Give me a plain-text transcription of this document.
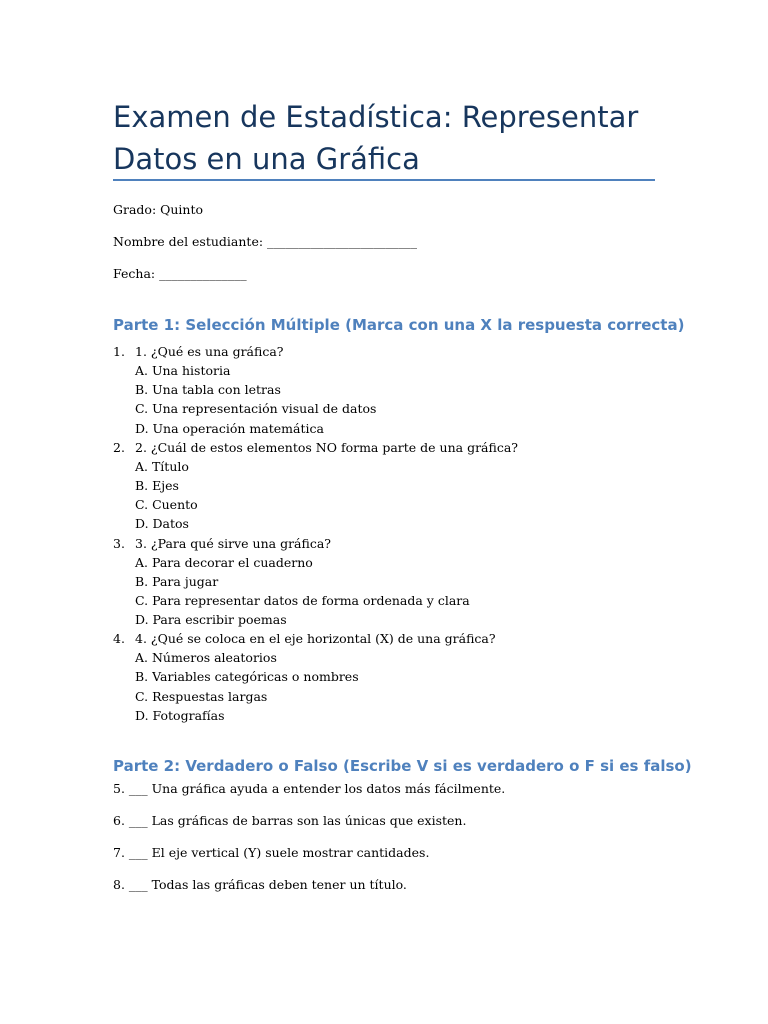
Examen de Estadística: Representar Datos en una Gráfica
Grado: Quinto
Nombre del estudiante: ________________________
Fecha: ______________
Parte 1: Selección Múltiple (Marca con una X la respuesta correcta)
1. 1. ¿Qué es una gráfica?
A. Una historia
B. Una tabla con letras
C. Una representación visual de datos
D. Una operación matemática
2. 2. ¿Cuál de estos elementos NO forma parte de una gráfica?
A. Título
B. Ejes
C. Cuento
D. Datos
3. 3. ¿Para qué sirve una gráfica?
A. Para decorar el cuaderno
B. Para jugar
C. Para representar datos de forma ordenada y clara
D. Para escribir poemas
4. 4. ¿Qué se coloca en el eje horizontal (X) de una gráfica?
A. Números aleatorios
B. Variables categóricas o nombres
C. Respuestas largas
D. Fotografías
Parte 2: Verdadero o Falso (Escribe V si es verdadero o F si es falso)
5. ___ Una gráfica ayuda a entender los datos más fácilmente.
6. ___ Las gráficas de barras son las únicas que existen.
7. ___ El eje vertical (Y) suele mostrar cantidades.
8. ___ Todas las gráficas deben tener un título.
